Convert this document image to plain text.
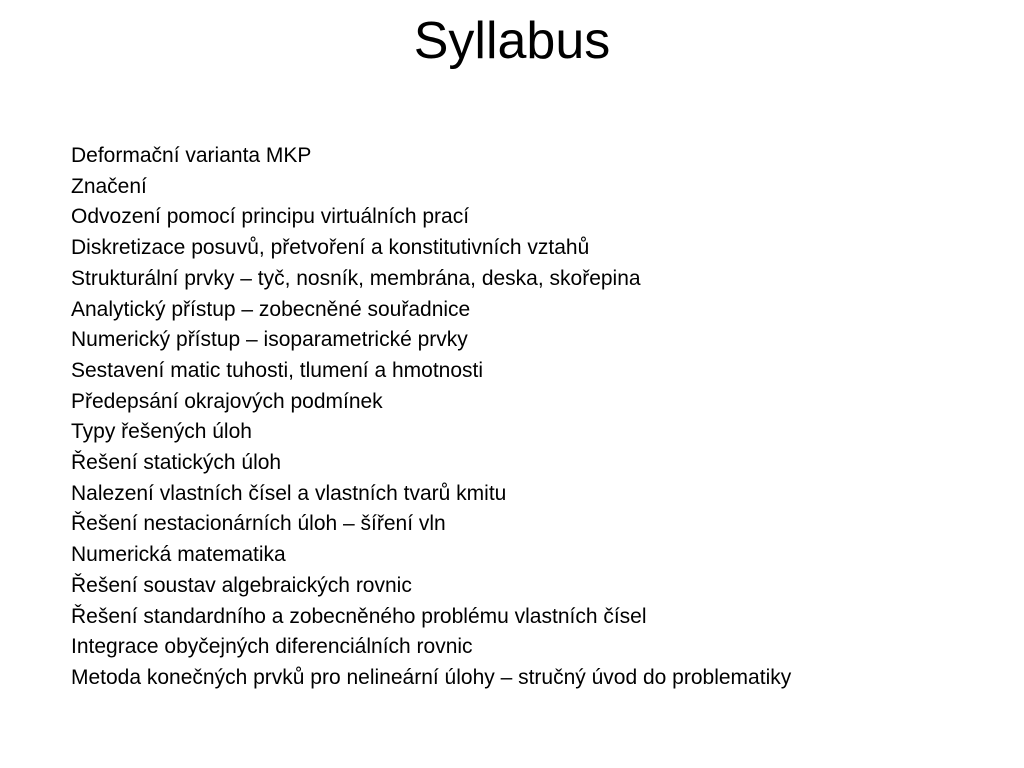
Syllabus
Deformační varianta MKP
Značení
Odvození pomocí principu virtuálních prací
Diskretizace posuvů, přetvoření a konstitutivních vztahů
Strukturální prvky – tyč, nosník, membrána, deska, skořepina
Analytický přístup – zobecněné souřadnice
Numerický přístup – isoparametrické prvky
Sestavení matic tuhosti, tlumení a hmotnosti
Předepsání okrajových podmínek
Typy řešených úloh
Řešení statických úloh
Nalezení vlastních čísel a vlastních tvarů kmitu
Řešení nestacionárních úloh – šíření vln
Numerická matematika
Řešení soustav algebraických rovnic
Řešení standardního a zobecněného problému vlastních čísel
Integrace obyčejných diferenciálních rovnic
Metoda konečných prvků pro nelineární úlohy – stručný úvod do problematiky
